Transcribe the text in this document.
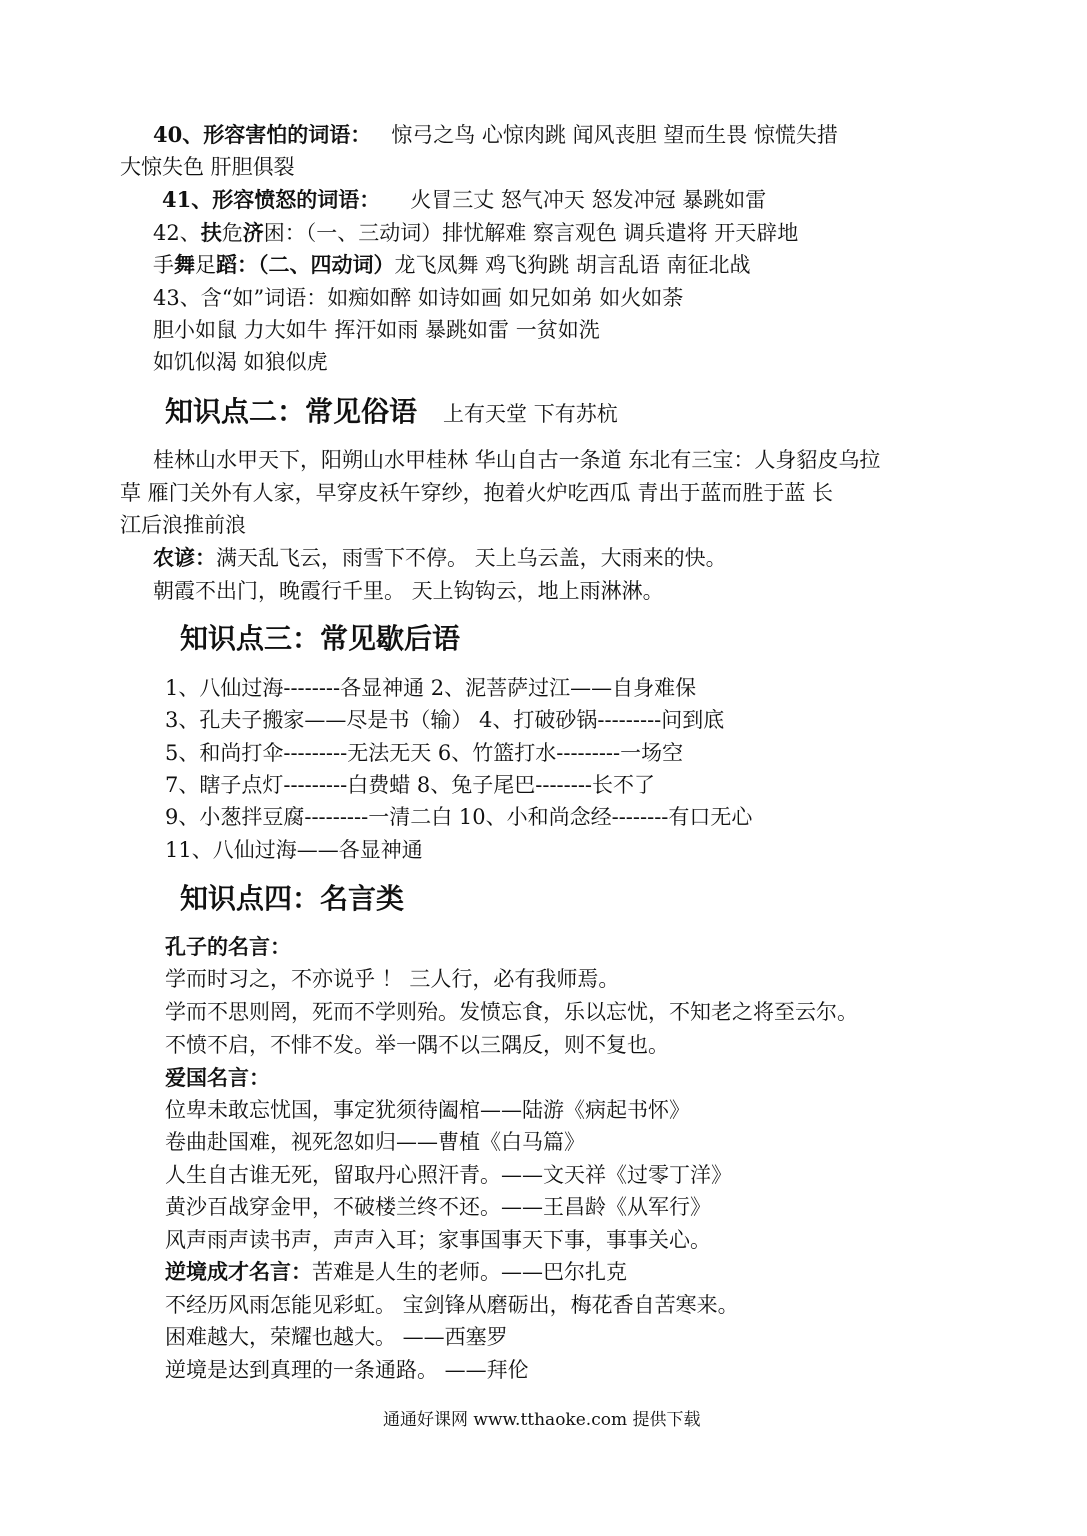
40、形容害怕的词语： 惊弓之鸟 心惊肉跳 闻风丧胆 望而生畏 惊慌失措
大惊失色 肝胆俱裂
41、形容愤怒的词语： 火冒三丈 怒气冲天 怒发冲冠 暴跳如雷
42、扶危济困：（一、三动词）排忧解难 察言观色 调兵遣将 开天辟地
手舞足蹈：（二、四动词）龙飞凤舞 鸡飞狗跳 胡言乱语 南征北战
43、含“如”词语：如痴如醉 如诗如画 如兄如弟 如火如荼
胆小如鼠 力大如牛 挥汗如雨 暴跳如雷 一贫如洗
如饥似渴 如狼似虎
知识点二：常见俗语 上有天堂 下有苏杭
桂林山水甲天下，阳朔山水甲桂林 华山自古一条道 东北有三宝：人身貂皮乌拉
草 雁门关外有人家，早穿皮袄午穿纱，抱着火炉吃西瓜 青出于蓝而胜于蓝 长
江后浪推前浪
农谚：满天乱飞云，雨雪下不停。 天上乌云盖，大雨来的快。
朝霞不出门，晚霞行千里。 天上钩钩云，地上雨淋淋。
知识点三：常见歇后语
1、八仙过海--------各显神通 2、泥菩萨过江——自身难保
3、孔夫子搬家——尽是书（输） 4、打破砂锅---------问到底
5、和尚打伞---------无法无天 6、竹篮打水---------一场空
7、瞎子点灯---------白费蜡 8、兔子尾巴--------长不了
9、小葱拌豆腐---------一清二白 10、小和尚念经--------有口无心
11、八仙过海——各显神通
知识点四：名言类
孔子的名言：
学而时习之，不亦说乎 ！ 三人行，必有我师焉。
学而不思则罔，死而不学则殆。发愤忘食，乐以忘忧，不知老之将至云尔。
不愤不启，不悱不发。举一隅不以三隅反，则不复也。
爱国名言：
位卑未敢忘忧国，事定犹须待阖棺——陆游《病起书怀》
卷曲赴国难，视死忽如归——曹植《白马篇》
人生自古谁无死，留取丹心照汗青。——文天祥《过零丁洋》
黄沙百战穿金甲，不破楼兰终不还。——王昌龄《从军行》
风声雨声读书声，声声入耳；家事国事天下事，事事关心。
逆境成才名言：苦难是人生的老师。——巴尔扎克
不经历风雨怎能见彩虹。 宝剑锋从磨砺出，梅花香自苦寒来。
困难越大，荣耀也越大。 ——西塞罗
逆境是达到真理的一条通路。 ——拜伦
通通好课网 www.tthaoke.com 提供下载
